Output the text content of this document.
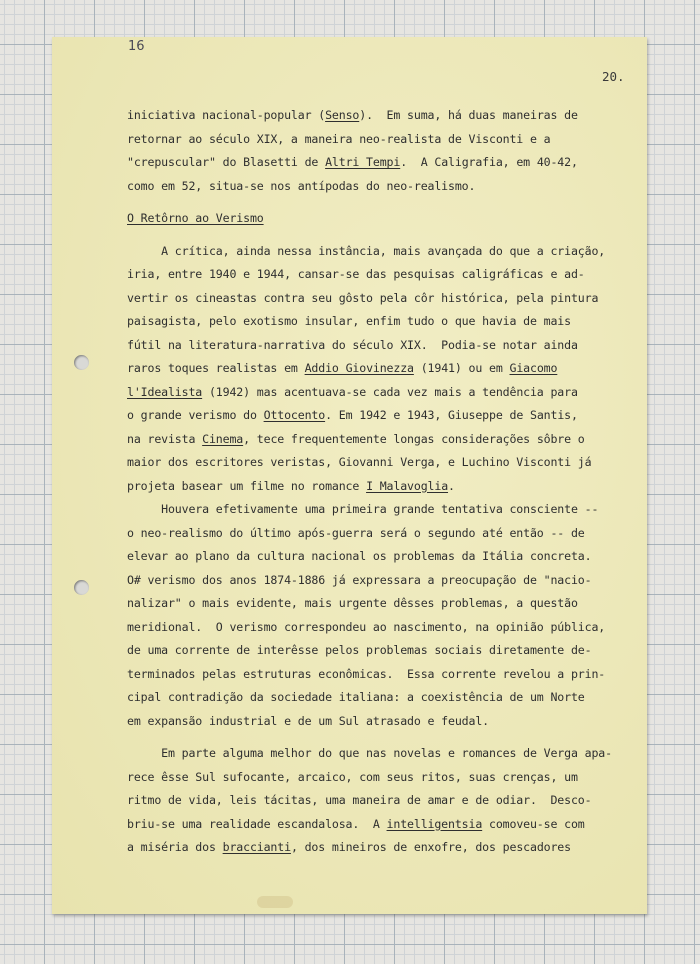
16
20.
iniciativa nacional-popular (Senso).  Em suma, há duas maneiras de
retornar ao século XIX, a maneira neo-realista de Visconti e a
"crepuscular" do Blasetti de Altri Tempi.  A Caligrafia, em 40-42,
como em 52, situa-se nos antípodas do neo-realismo.
O Retôrno ao Verismo
A crítica, ainda nessa instância, mais avançada do que a criação,
iria, entre 1940 e 1944, cansar-se das pesquisas caligráficas e ad-
vertir os cineastas contra seu gôsto pela côr histórica, pela pintura
paisagista, pelo exotismo insular, enfim tudo o que havia de mais
fútil na literatura-narrativa do século XIX.  Podia-se notar ainda
raros toques realistas em Addio Giovinezza (1941) ou em Giacomo
l'Idealista (1942) mas acentuava-se cada vez mais a tendência para
o grande verismo do Ottocento. Em 1942 e 1943, Giuseppe de Santis,
na revista Cinema, tece frequentemente longas considerações sôbre o
maior dos escritores veristas, Giovanni Verga, e Luchino Visconti já
projeta basear um filme no romance I Malavoglia.
Houvera efetivamente uma primeira grande tentativa consciente --
o neo-realismo do último após-guerra será o segundo até então -- de
elevar ao plano da cultura nacional os problemas da Itália concreta.
O# verismo dos anos 1874-1886 já expressara a preocupação de "nacio-
nalizar" o mais evidente, mais urgente dêsses problemas, a questão
meridional.  O verismo correspondeu ao nascimento, na opinião pública,
de uma corrente de interêsse pelos problemas sociais diretamente de-
terminados pelas estruturas econômicas.  Essa corrente revelou a prin-
cipal contradição da sociedade italiana: a coexistência de um Norte
em expansão industrial e de um Sul atrasado e feudal.
Em parte alguma melhor do que nas novelas e romances de Verga apa-
rece êsse Sul sufocante, arcaico, com seus ritos, suas crenças, um
ritmo de vida, leis tácitas, uma maneira de amar e de odiar.  Desco-
briu-se uma realidade escandalosa.  A intelligentsia comoveu-se com
a miséria dos braccianti, dos mineiros de enxofre, dos pescadores
